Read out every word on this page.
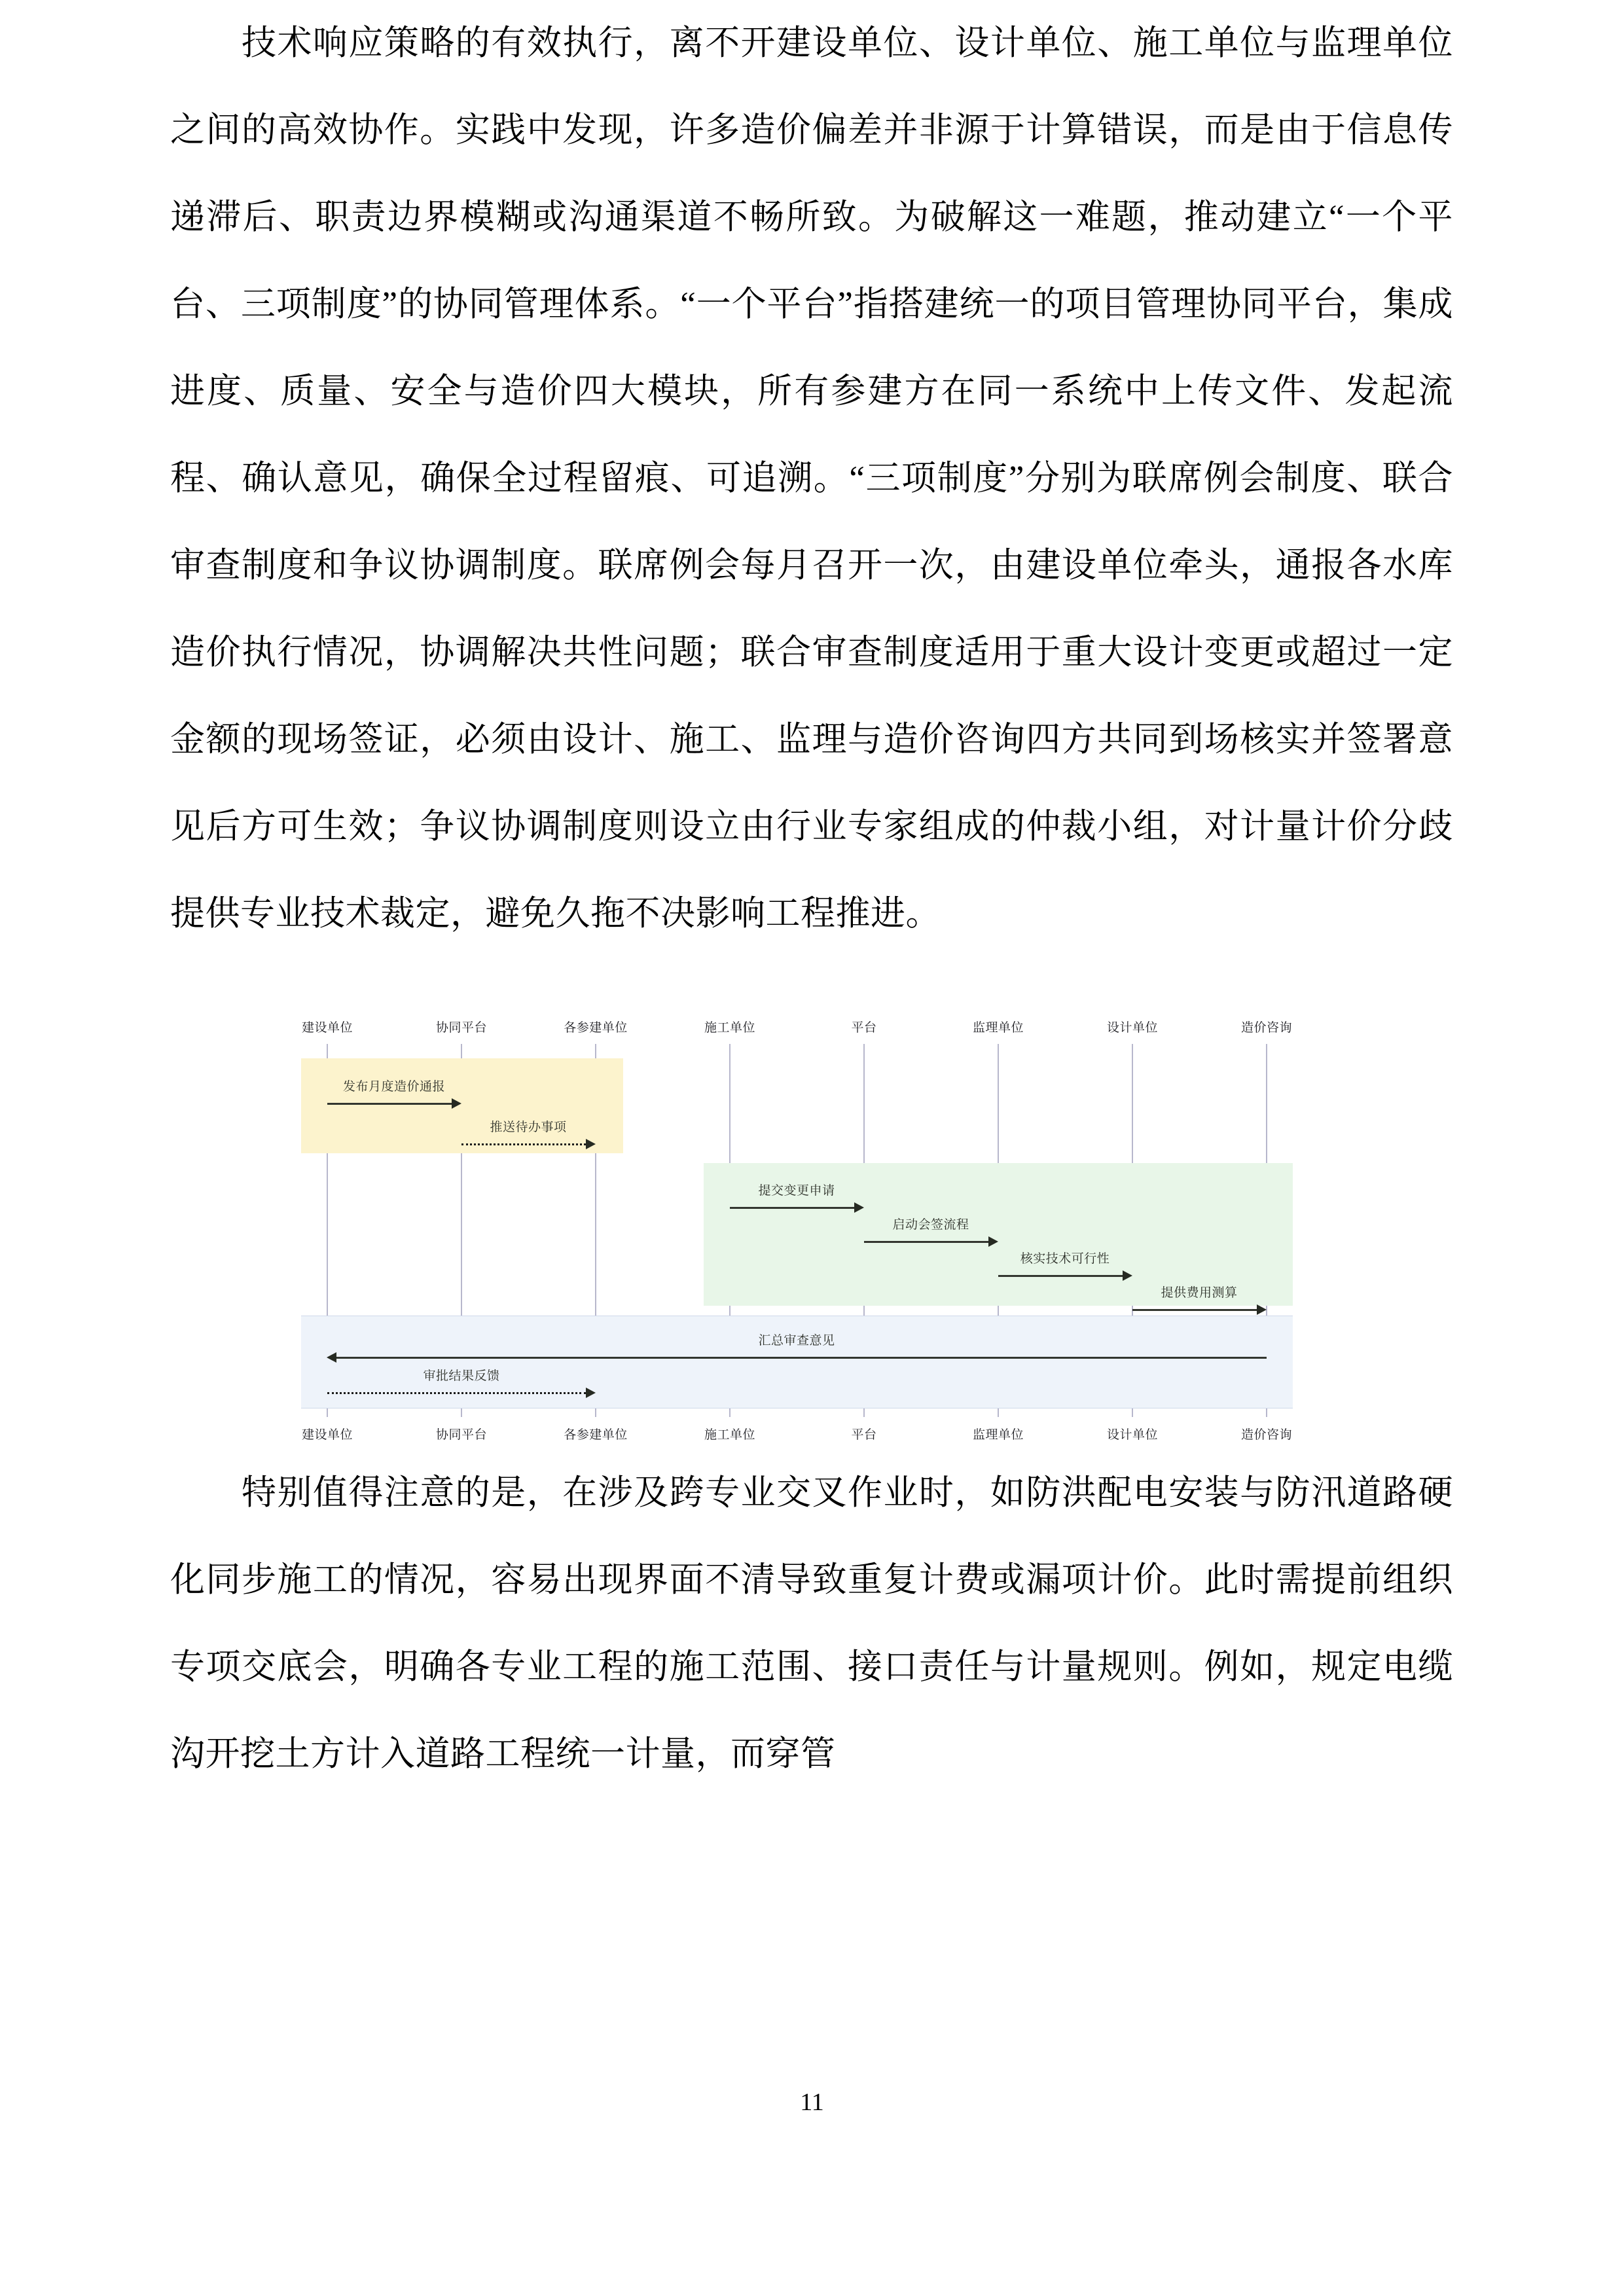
技术响应策略的有效执行，离不开建设单位、设计单位、施工单位与监理单位之间的高效协作。实践中发现，许多造价偏差并非源于计算错误，而是由于信息传递滞后、职责边界模糊或沟通渠道不畅所致。为破解这一难题，推动建立“一个平台、三项制度”的协同管理体系。“一个平台”指搭建统一的项目管理协同平台，集成进度、质量、安全与造价四大模块，所有参建方在同一系统中上传文件、发起流程、确认意见，确保全过程留痕、可追溯。“三项制度”分别为联席例会制度、联合审查制度和争议协调制度。联席例会每月召开一次，由建设单位牵头，通报各水库造价执行情况，协调解决共性问题；联合审查制度适用于重大设计变更或超过一定金额的现场签证，必须由设计、施工、监理与造价咨询四方共同到场核实并签署意见后方可生效；争议协调制度则设立由行业专家组成的仲裁小组，对计量计价分歧提供专业技术裁定，避免久拖不决影响工程推进。

建设单位	协同平台	各参建单位	施工单位	平台	监理单位	设计单位	造价咨询
发布月度造价通报
推送待办事项
提交变更申请
启动会签流程
核实技术可行性
提供费用测算
汇总审查意见
审批结果反馈
建设单位	协同平台	各参建单位	施工单位	平台	监理单位	设计单位	造价咨询

特别值得注意的是，在涉及跨专业交叉作业时，如防洪配电安装与防汛道路硬化同步施工的情况，容易出现界面不清导致重复计费或漏项计价。此时需提前组织专项交底会，明确各专业工程的施工范围、接口责任与计量规则。例如，规定电缆沟开挖土方计入道路工程统一计量，而穿管

11
